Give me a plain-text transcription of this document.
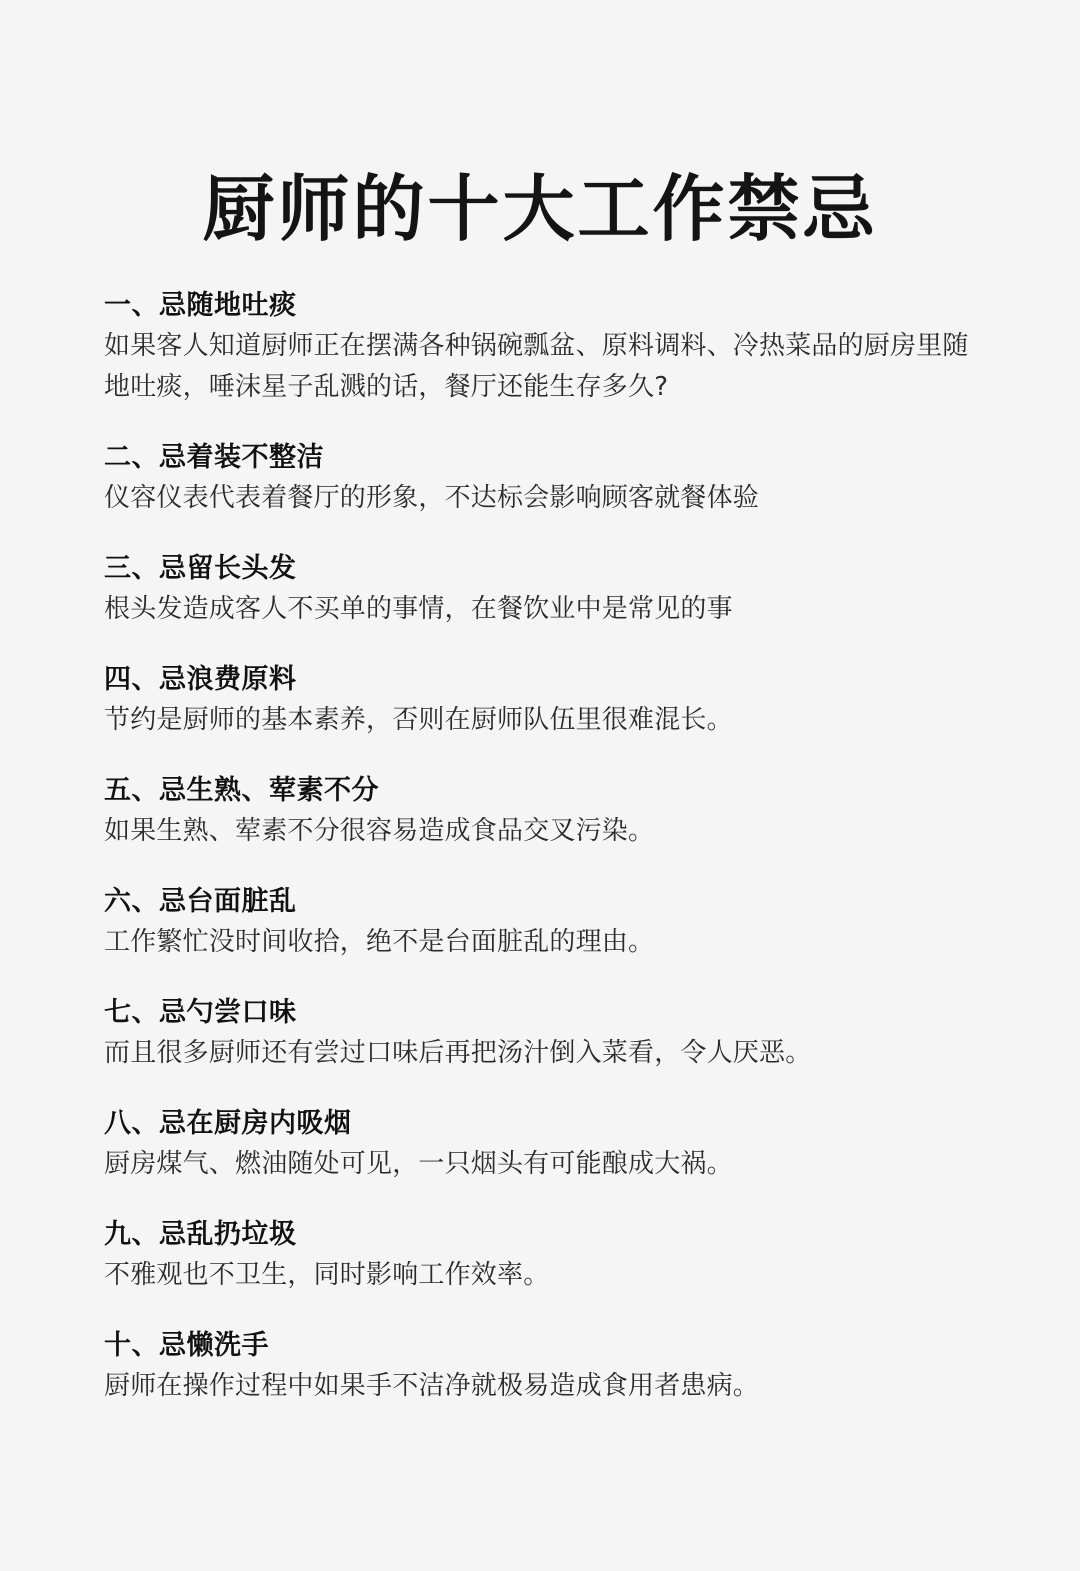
厨师的十大工作禁忌
一、忌随地吐痰
如果客人知道厨师正在摆满各种锅碗瓢盆、原料调料、冷热菜品的厨房里随地吐痰，唾沫星子乱溅的话，餐厅还能生存多久?
二、忌着装不整洁
仪容仪表代表着餐厅的形象，不达标会影响顾客就餐体验
三、忌留长头发
根头发造成客人不买单的事情，在餐饮业中是常见的事
四、忌浪费原料
节约是厨师的基本素养，否则在厨师队伍里很难混长。
五、忌生熟、荤素不分
如果生熟、荤素不分很容易造成食品交叉污染。
六、忌台面脏乱
工作繁忙没时间收拾，绝不是台面脏乱的理由。
七、忌勺尝口味
而且很多厨师还有尝过口味后再把汤汁倒入菜看，令人厌恶。
八、忌在厨房内吸烟
厨房煤气、燃油随处可见，一只烟头有可能酿成大祸。
九、忌乱扔垃圾
不雅观也不卫生，同时影响工作效率。
十、忌懒洗手
厨师在操作过程中如果手不洁净就极易造成食用者患病。
